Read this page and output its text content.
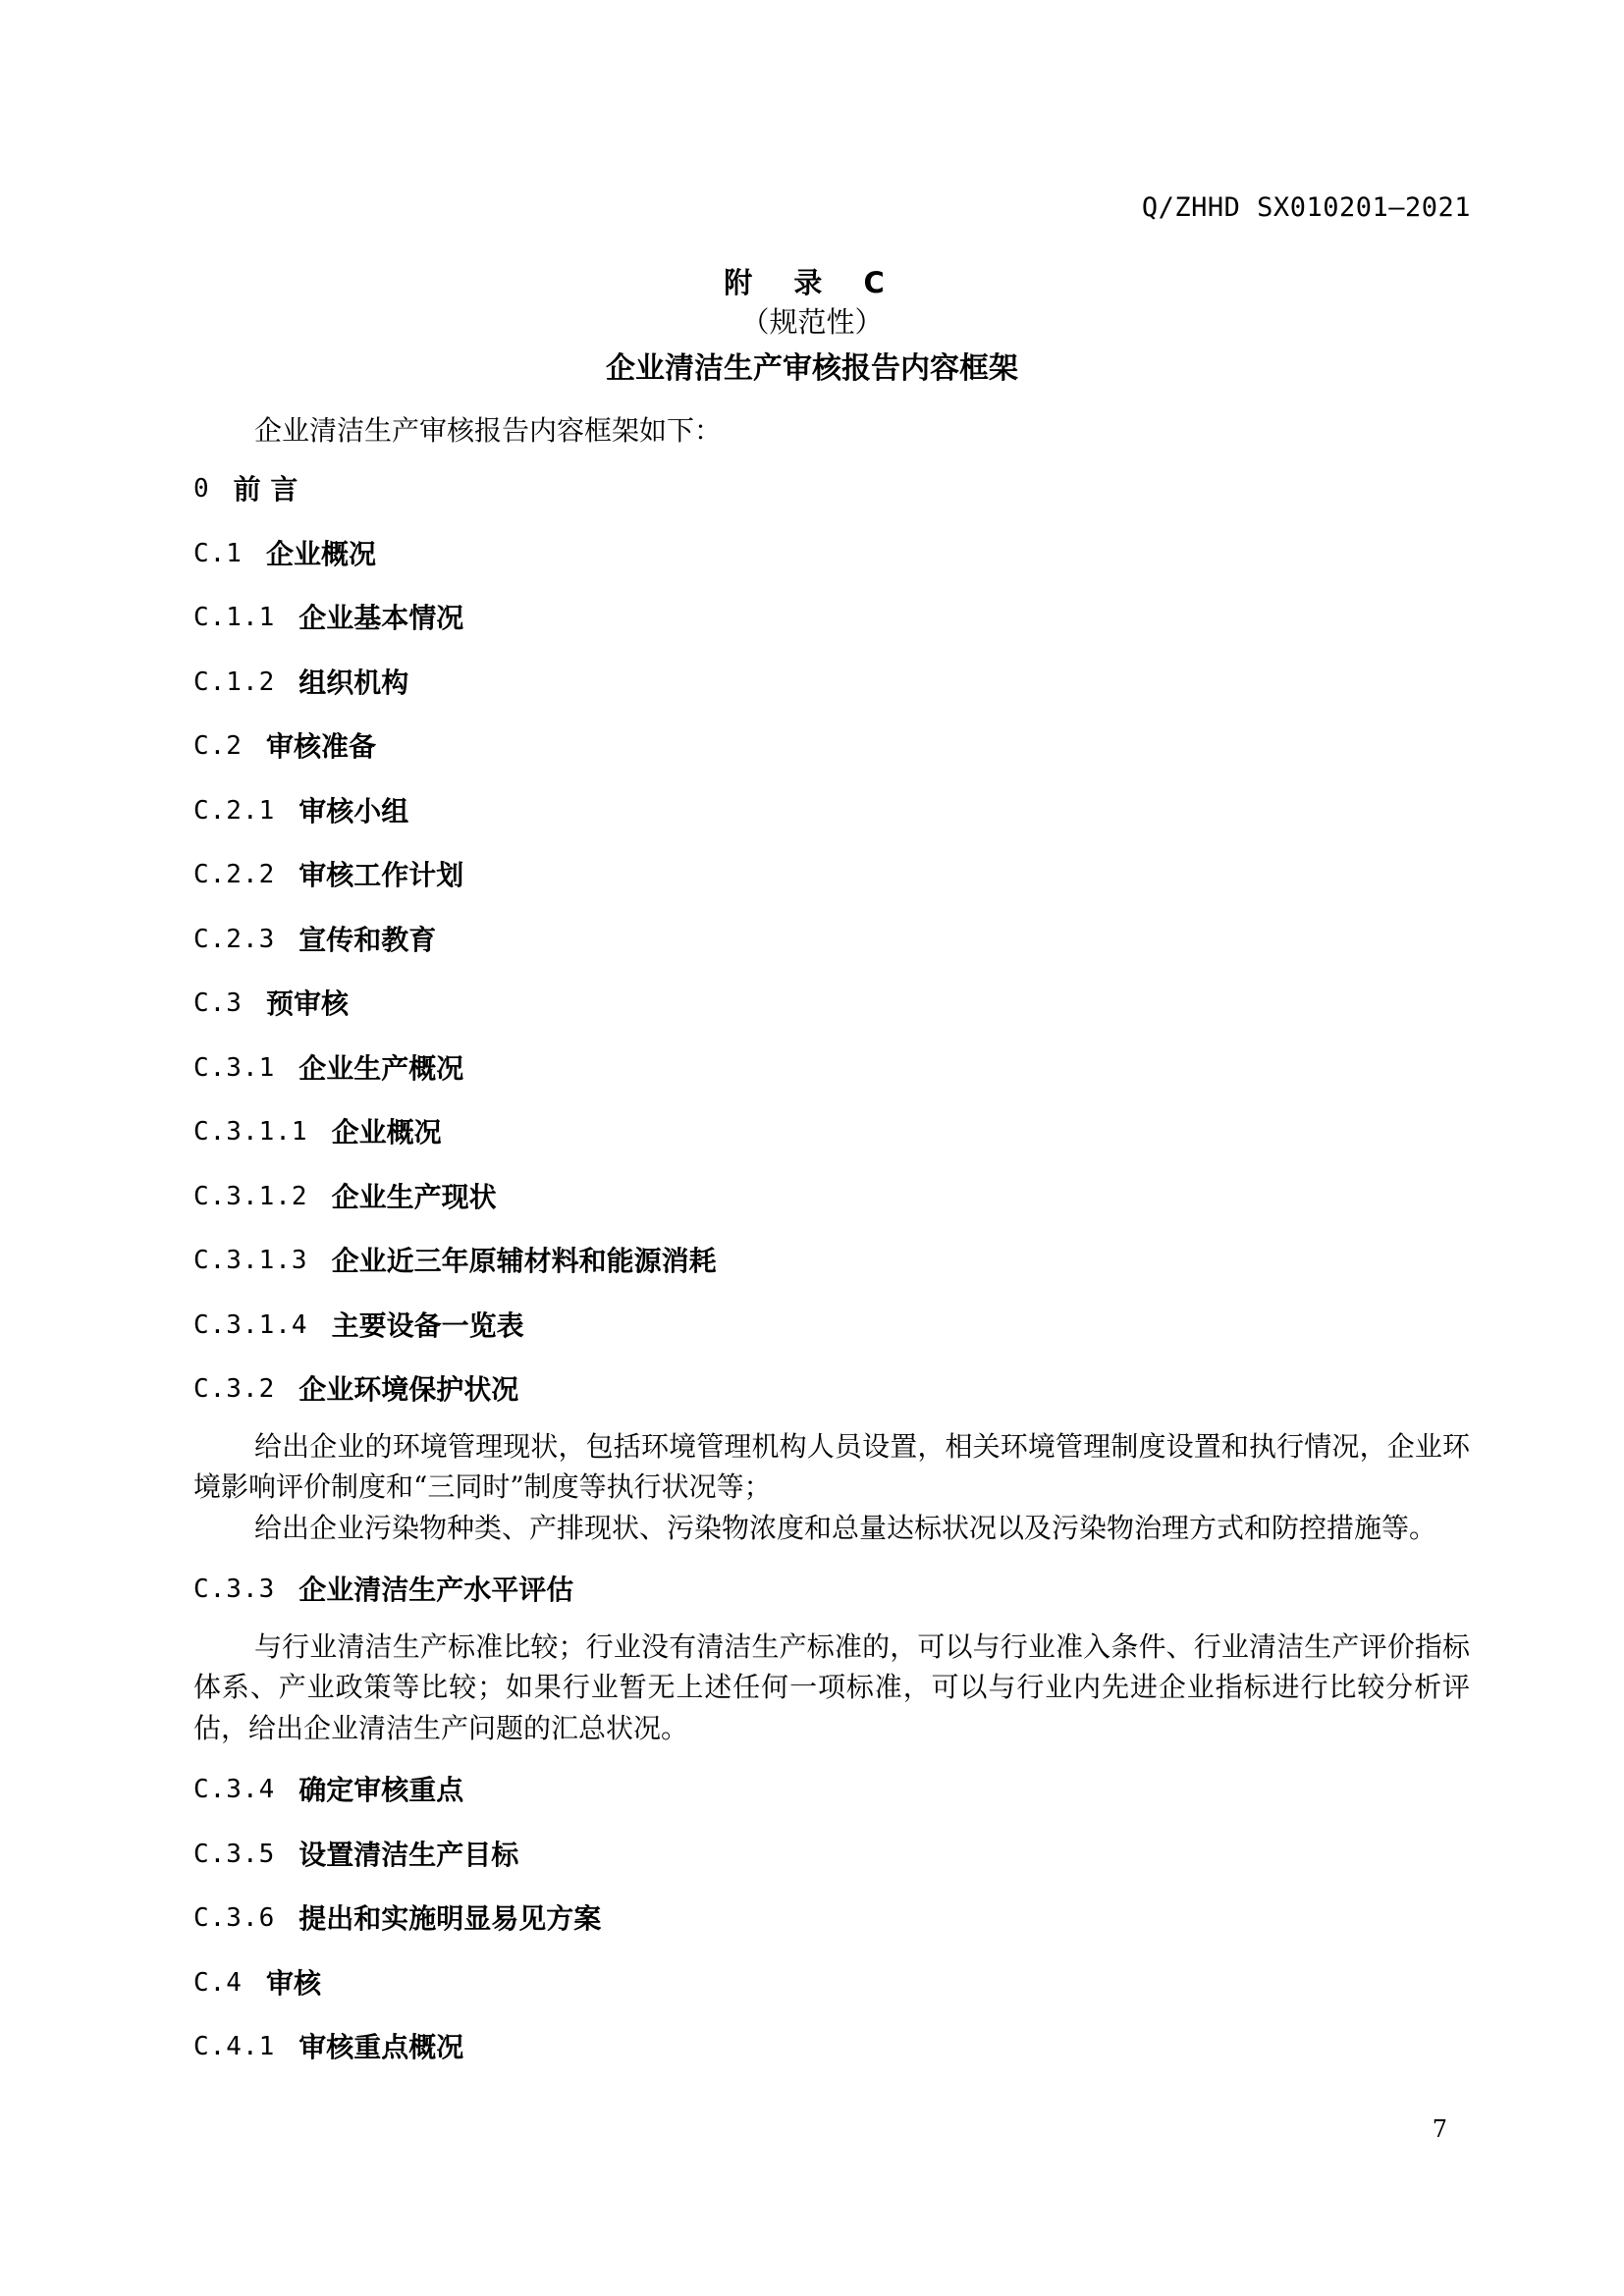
Q/ZHHD SX010201—2021
附 录 C
（规范性）
企业清洁生产审核报告内容框架

企业清洁生产审核报告内容框架如下：

0 前 言
C.1 企业概况
C.1.1 企业基本情况
C.1.2 组织机构
C.2 审核准备
C.2.1 审核小组
C.2.2 审核工作计划
C.2.3 宣传和教育
C.3 预审核
C.3.1 企业生产概况
C.3.1.1 企业概况
C.3.1.2 企业生产现状
C.3.1.3 企业近三年原辅材料和能源消耗
C.3.1.4 主要设备一览表
C.3.2 企业环境保护状况

给出企业的环境管理现状，包括环境管理机构人员设置，相关环境管理制度设置和执行情况，企业环境影响评价制度和“三同时”制度等执行状况等；

给出企业污染物种类、产排现状、污染物浓度和总量达标状况以及污染物治理方式和防控措施等。

C.3.3 企业清洁生产水平评估

与行业清洁生产标准比较；行业没有清洁生产标准的，可以与行业准入条件、行业清洁生产评价指标体系、产业政策等比较；如果行业暂无上述任何一项标准，可以与行业内先进企业指标进行比较分析评估，给出企业清洁生产问题的汇总状况。

C.3.4 确定审核重点
C.3.5 设置清洁生产目标
C.3.6 提出和实施明显易见方案
C.4 审核
C.4.1 审核重点概况
7
